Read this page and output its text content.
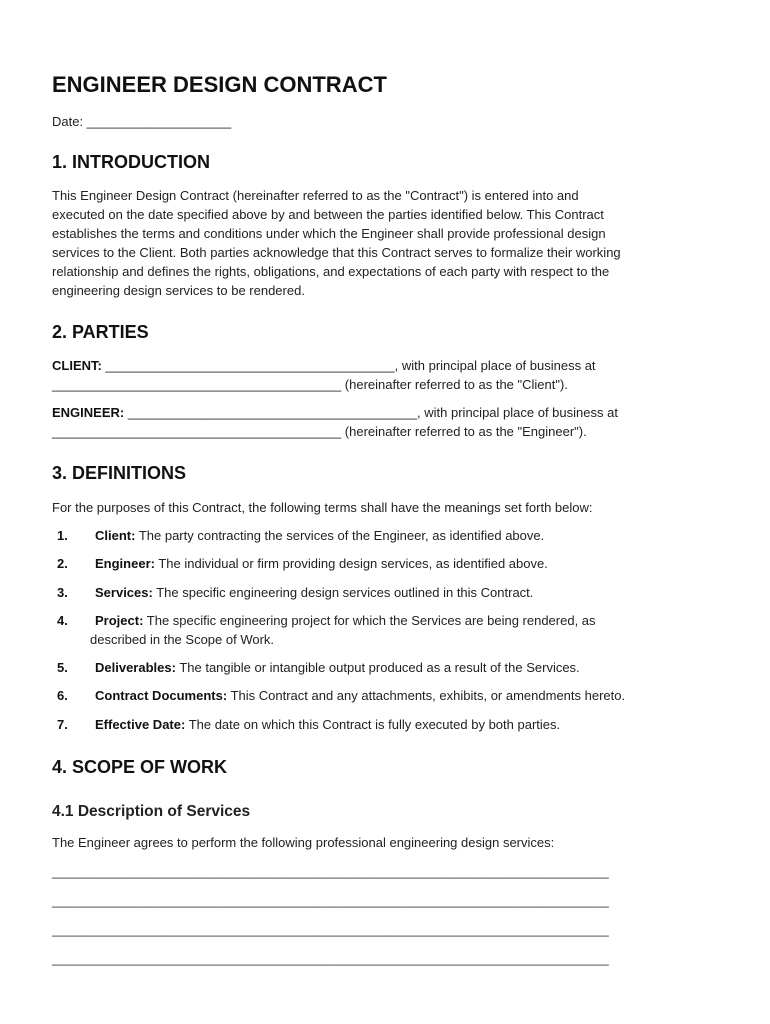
ENGINEER DESIGN CONTRACT
Date: ____________________
1. INTRODUCTION
This Engineer Design Contract (hereinafter referred to as the "Contract") is entered into and
executed on the date specified above by and between the parties identified below. This Contract
establishes the terms and conditions under which the Engineer shall provide professional design
services to the Client. Both parties acknowledge that this Contract serves to formalize their working
relationship and defines the rights, obligations, and expectations of each party with respect to the
engineering design services to be rendered.
2. PARTIES
CLIENT: ________________________________________, with principal place of business at
________________________________________ (hereinafter referred to as the "Client").
ENGINEER: ________________________________________, with principal place of business at
________________________________________ (hereinafter referred to as the "Engineer").
3. DEFINITIONS
For the purposes of this Contract, the following terms shall have the meanings set forth below:
1. Client: The party contracting the services of the Engineer, as identified above.
2. Engineer: The individual or firm providing design services, as identified above.
3. Services: The specific engineering design services outlined in this Contract.
4. Project: The specific engineering project for which the Services are being rendered, as
described in the Scope of Work.
5. Deliverables: The tangible or intangible output produced as a result of the Services.
6. Contract Documents: This Contract and any attachments, exhibits, or amendments hereto.
7. Effective Date: The date on which this Contract is fully executed by both parties.
4. SCOPE OF WORK
4.1 Description of Services
The Engineer agrees to perform the following professional engineering design services:
_____________________________________________________________________________
_____________________________________________________________________________
_____________________________________________________________________________
_____________________________________________________________________________
